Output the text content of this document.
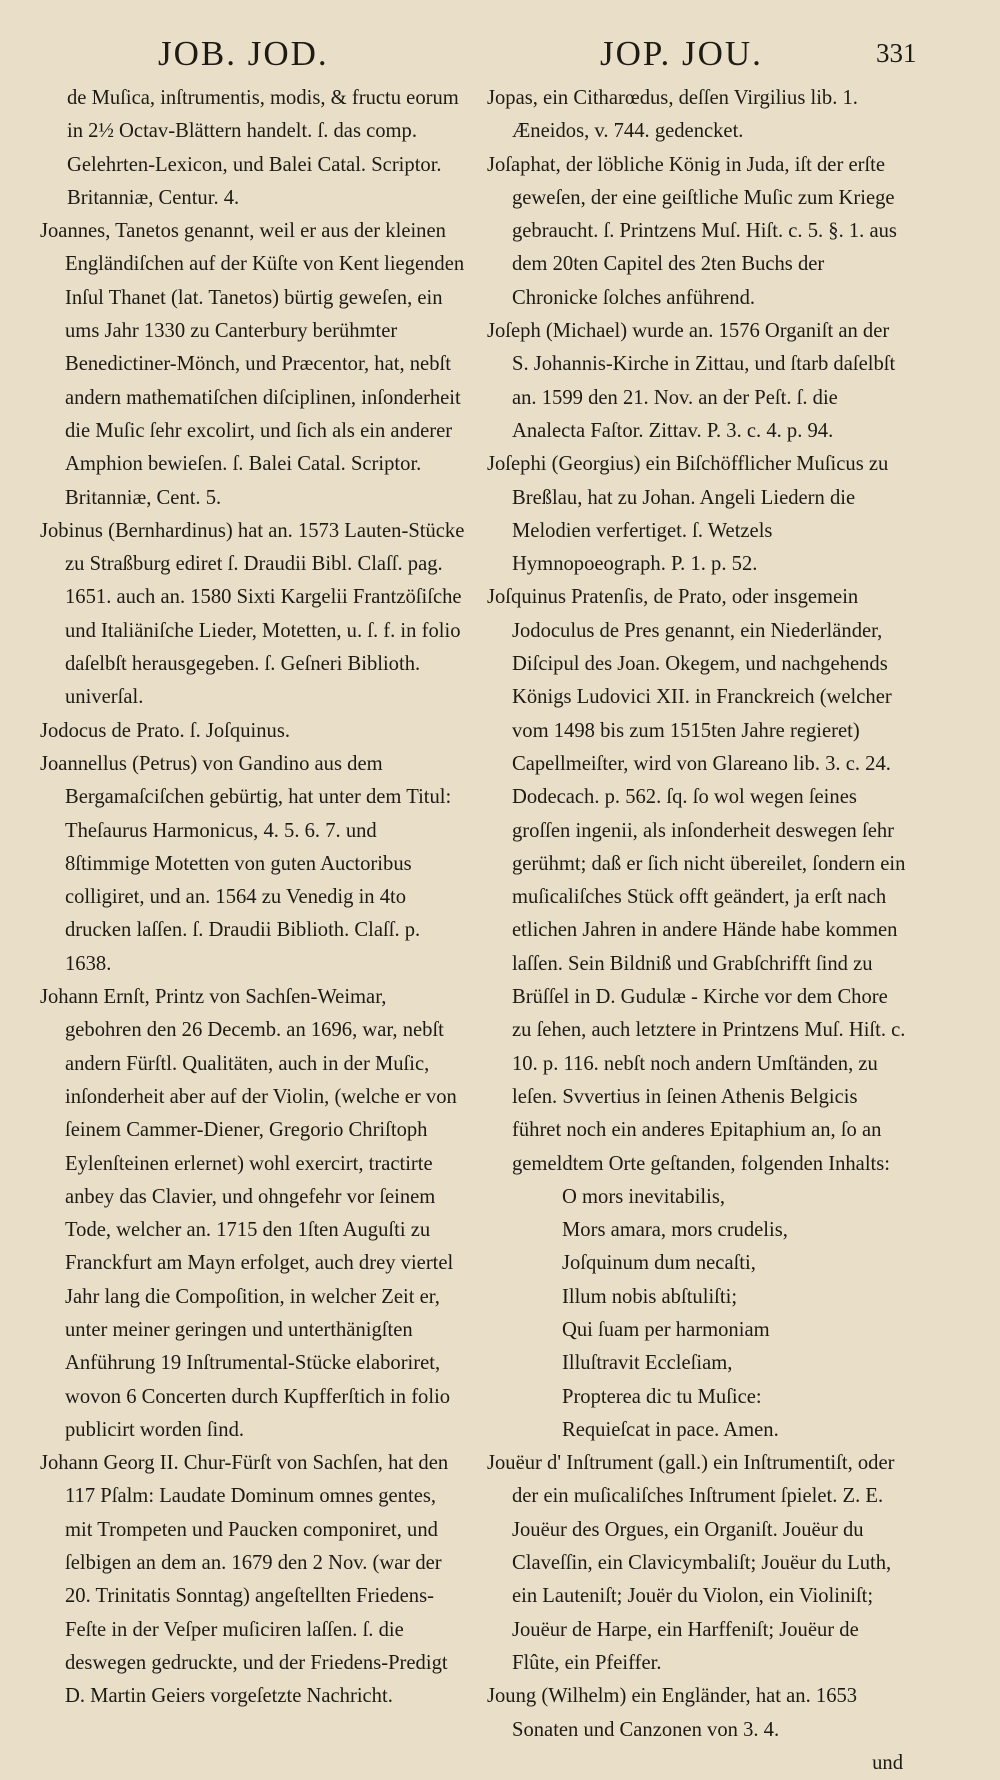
JOB. JOD.	JOP. JOU.	331

de Muſica, inſtrumentis, modis, & fructu eorum in 2½ Octav-Blättern handelt. ſ. das comp. Gelehrten-Lexicon, und Balei Catal. Scriptor. Britanniæ, Centur. 4.

Joannes, Tanetos genannt, weil er aus der kleinen Engländiſchen auf der Küſte von Kent liegenden Inſul Thanet (lat. Tanetos) bürtig geweſen, ein ums Jahr 1330 zu Canterbury berühmter Benedictiner-Mönch, und Præcentor, hat, nebſt andern mathematiſchen diſciplinen, inſonderheit die Muſic ſehr excolirt, und ſich als ein anderer Amphion bewieſen. ſ. Balei Catal. Scriptor. Britanniæ, Cent. 5.

Jobinus (Bernhardinus) hat an. 1573 Lauten-Stücke zu Straßburg ediret ſ. Draudii Bibl. Claſſ. pag. 1651. auch an. 1580 Sixti Kargelii Frantzöſiſche und Italiäniſche Lieder, Motetten, u. ſ. f. in folio daſelbſt herausgegeben. ſ. Geſneri Biblioth. univerſal.

Jodocus de Prato. ſ. Joſquinus.

Joannellus (Petrus) von Gandino aus dem Bergamaſciſchen gebürtig, hat unter dem Titul: Theſaurus Harmonicus, 4. 5. 6. 7. und 8ſtimmige Motetten von guten Auctoribus colligiret, und an. 1564 zu Venedig in 4to drucken laſſen. ſ. Draudii Biblioth. Claſſ. p. 1638.

Johann Ernſt, Printz von Sachſen-Weimar, gebohren den 26 Decemb. an 1696, war, nebſt andern Fürſtl. Qualitäten, auch in der Muſic, inſonderheit aber auf der Violin, (welche er von ſeinem Cammer-Diener, Gregorio Chriſtoph Eylenſteinen erlernet) wohl exercirt, tractirte anbey das Clavier, und ohngefehr vor ſeinem Tode, welcher an. 1715 den 1ſten Auguſti zu Franckfurt am Mayn erfolget, auch drey viertel Jahr lang die Compoſition, in welcher Zeit er, unter meiner geringen und unterthänigſten Anführung 19 Inſtrumental-Stücke elaboriret, wovon 6 Concerten durch Kupfferſtich in folio publicirt worden ſind.

Johann Georg II. Chur-Fürſt von Sachſen, hat den 117 Pſalm: Laudate Dominum omnes gentes, mit Trompeten und Paucken componiret, und ſelbigen an dem an. 1679 den 2 Nov. (war der 20. Trinitatis Sonntag) angeſtellten Friedens-Feſte in der Veſper muſiciren laſſen. ſ. die deswegen gedruckte, und der Friedens-Predigt D. Martin Geiers vorgeſetzte Nachricht.

Jopas, ein Citharœdus, deſſen Virgilius lib. 1. Æneidos, v. 744. gedencket.

Joſaphat, der löbliche König in Juda, iſt der erſte geweſen, der eine geiſtliche Muſic zum Kriege gebraucht. ſ. Printzens Muſ. Hiſt. c. 5. §. 1. aus dem 20ten Capitel des 2ten Buchs der Chronicke ſolches anführend.

Joſeph (Michael) wurde an. 1576 Organiſt an der S. Johannis-Kirche in Zittau, und ſtarb daſelbſt an. 1599 den 21. Nov. an der Peſt. ſ. die Analecta Faſtor. Zittav. P. 3. c. 4. p. 94.

Joſephi (Georgius) ein Biſchöfflicher Muſicus zu Breßlau, hat zu Johan. Angeli Liedern die Melodien verfertiget. ſ. Wetzels Hymnopoeograph. P. 1. p. 52.

Joſquinus Pratenſis, de Prato, oder insgemein Jodoculus de Pres genannt, ein Niederländer, Diſcipul des Joan. Okegem, und nachgehends Königs Ludovici XII. in Franckreich (welcher vom 1498 bis zum 1515ten Jahre regieret) Capellmeiſter, wird von Glareano lib. 3. c. 24. Dodecach. p. 562. ſq. ſo wol wegen ſeines groſſen ingenii, als inſonderheit deswegen ſehr gerühmt; daß er ſich nicht übereilet, ſondern ein muſicaliſches Stück offt geändert, ja erſt nach etlichen Jahren in andere Hände habe kommen laſſen. Sein Bildniß und Grabſchrifft ſind zu Brüſſel in D. Gudulæ - Kirche vor dem Chore zu ſehen, auch letztere in Printzens Muſ. Hiſt. c. 10. p. 116. nebſt noch andern Umſtänden, zu leſen. Svvertius in ſeinen Athenis Belgicis führet noch ein anderes Epitaphium an, ſo an gemeldtem Orte geſtanden, folgenden Inhalts:

O mors inevitabilis,

Mors amara, mors crudelis,

Joſquinum dum necaſti,

Illum nobis abſtuliſti;

Qui ſuam per harmoniam

Illuſtravit Eccleſiam,

Propterea dic tu Muſice:

Requieſcat in pace. Amen.

Jouëur d' Inſtrument (gall.) ein Inſtrumentiſt, oder der ein muſicaliſches Inſtrument ſpielet. Z. E. Jouëur des Orgues, ein Organiſt. Jouëur du Claveſſin, ein Clavicymbaliſt; Jouëur du Luth, ein Lauteniſt; Jouër du Violon, ein Violiniſt; Jouëur de Harpe, ein Harffeniſt; Jouëur de Flûte, ein Pfeiffer.

Joung (Wilhelm) ein Engländer, hat an. 1653 Sonaten und Canzonen von 3. 4.

und
